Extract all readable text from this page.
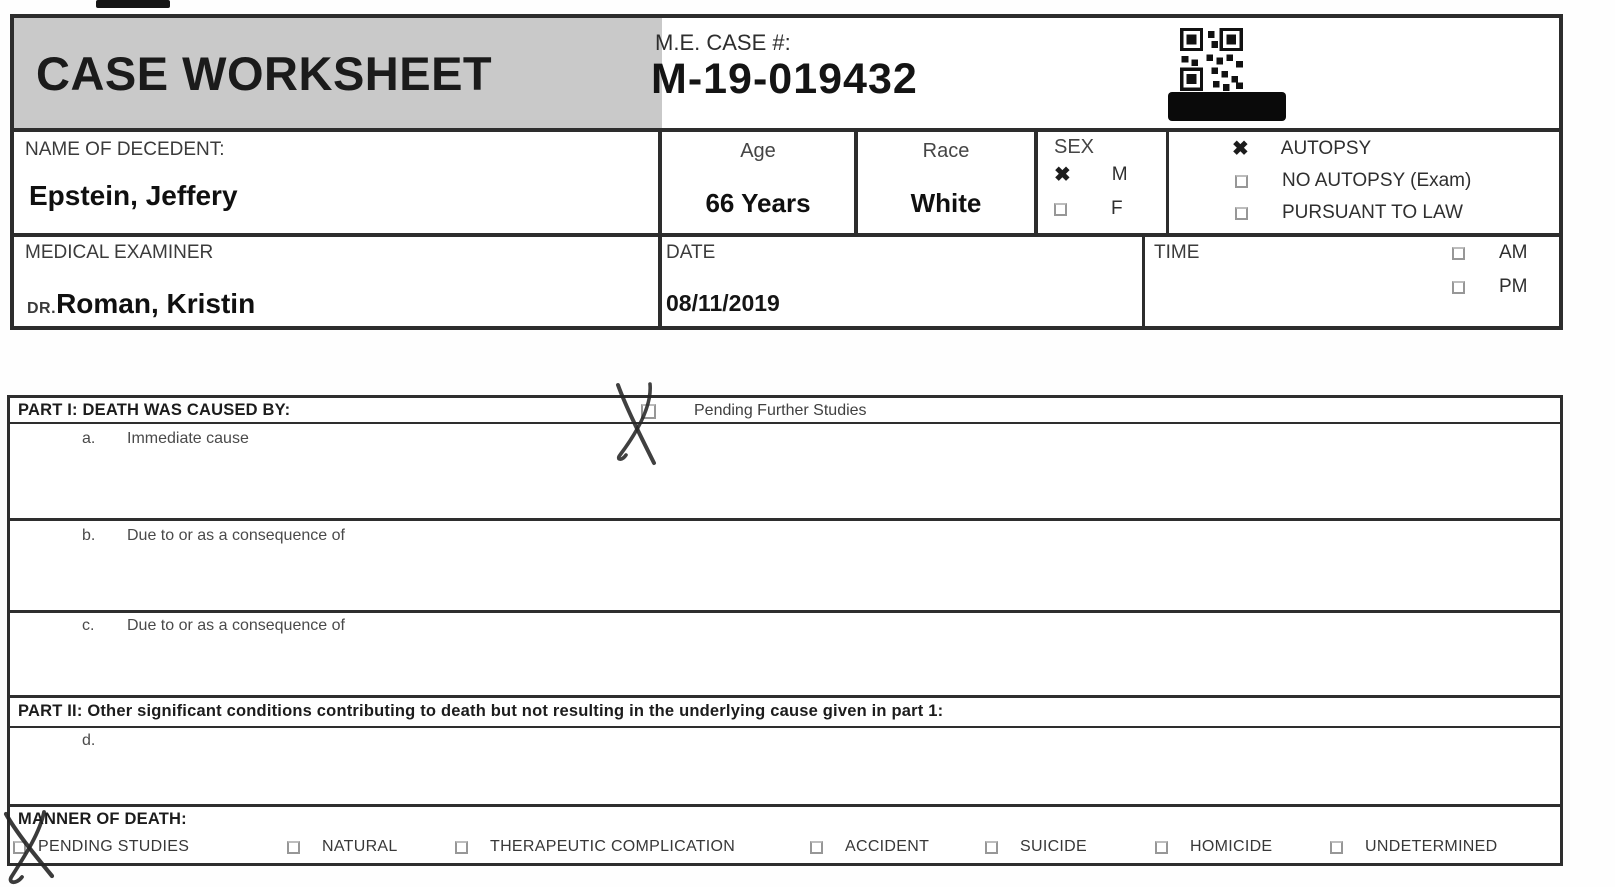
CASE WORKSHEET
M.E. CASE #:
M-19-019432
NAME OF DECEDENT:
Epstein, Jeffery
Age
66 Years
Race
White
SEX
✖ M
F
✖ AUTOPSY
NO AUTOPSY (Exam)
PURSUANT TO LAW
MEDICAL EXAMINER
DR.Roman, Kristin
DATE
08/11/2019
TIME	AM
PM
PART I: DEATH WAS CAUSED BY:	Pending Further Studies
a. Immediate cause
b. Due to or as a consequence of
c. Due to or as a consequence of
PART II: Other significant conditions contributing to death but not resulting in the underlying cause given in part 1:
d.
MANNER OF DEATH:
PENDING STUDIES	NATURAL	THERAPEUTIC COMPLICATION	ACCIDENT	SUICIDE	HOMICIDE	UNDETERMINED
